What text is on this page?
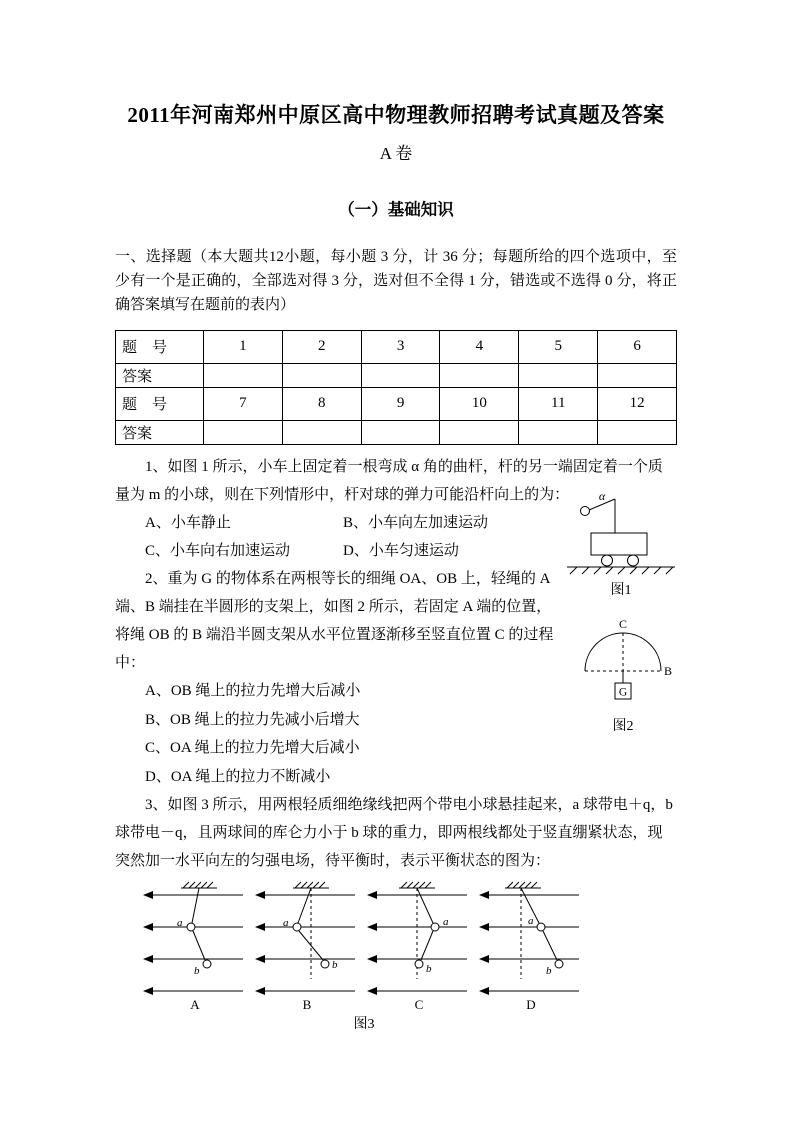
2011年河南郑州中原区高中物理教师招聘考试真题及答案
A 卷
（一）基础知识
一、选择题（本大题共12小题，每小题 3 分，计 36 分；每题所给的四个选项中，至少有一个是正确的，全部选对得 3 分，选对但不全得 1 分，错选或不选得 0 分，将正确答案填写在题前的表内）
题　号	1	2	3	4	5	6
答案						
题　号	7	8	9	10	11	12
答案						
1、如图 1 所示，小车上固定着一根弯成 α 角的曲杆，杆的另一端固定着一个质量为 m 的小球，则在下列情形中，杆对球的弹力可能沿杆向上的为：
A、小车静止	B、小车向左加速运动
C、小车向右加速运动	D、小车匀速运动
α
图1
2、重为 G 的物体系在两根等长的细绳 OA、OB 上，轻绳的 A 端、B 端挂在半圆形的支架上，如图 2 所示，若固定 A 端的位置，将绳 OB 的 B 端沿半圆支架从水平位置逐渐移至竖直位置 C 的过程中：
A、OB 绳上的拉力先增大后减小
B、OB 绳上的拉力先减小后增大
C、OA 绳上的拉力先增大后减小
D、OA 绳上的拉力不断减小
C
B
G
图2
3、如图 3 所示，用两根轻质细绝缘线把两个带电小球悬挂起来，a 球带电＋q，b 球带电－q，且两球间的库仑力小于 b 球的重力，即两根线都处于竖直绷紧状态，现突然加一水平向左的匀强电场，待平衡时，表示平衡状态的图为：
a
b
A
a
b
B
a
b
C
a
b
D
图3
